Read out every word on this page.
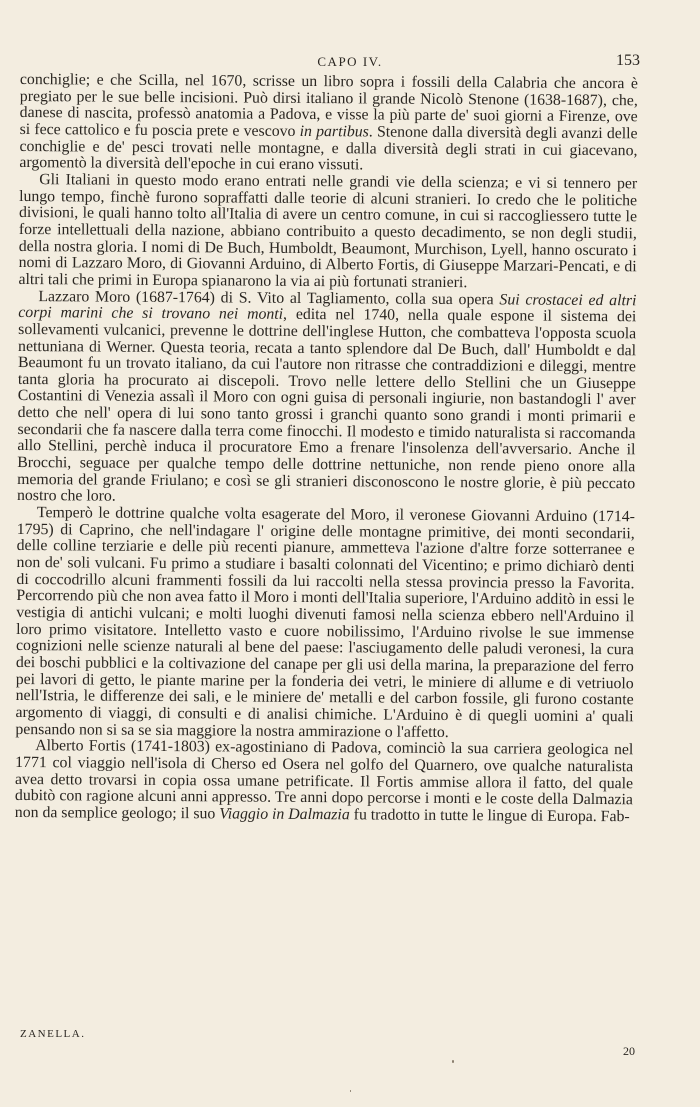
CAPO IV.	153

conchiglie; e che Scilla, nel 1670, scrisse un libro sopra i fossili della Calabria che ancora è pregiato per le sue belle incisioni. Può dirsi italiano il grande Nicolò Stenone (1638-1687), che, danese di nascita, professò anatomia a Padova, e visse la più parte de' suoi giorni a Firenze, ove si fece cattolico e fu poscia prete e vescovo in partibus. Stenone dalla diversità degli avanzi delle conchiglie e de' pesci trovati nelle montagne, e dalla diversità degli strati in cui giacevano, argomentò la diversità dell'epoche in cui erano vissuti.

Gli Italiani in questo modo erano entrati nelle grandi vie della scienza; e vi si tennero per lungo tempo, finchè furono sopraffatti dalle teorie di alcuni stranieri. Io credo che le politiche divisioni, le quali hanno tolto all'Italia di avere un centro comune, in cui si raccogliessero tutte le forze intellettuali della nazione, abbiano contribuito a questo decadimento, se non degli studii, della nostra gloria. I nomi di De Buch, Humboldt, Beaumont, Murchison, Lyell, hanno oscurato i nomi di Lazzaro Moro, di Giovanni Arduino, di Alberto Fortis, di Giuseppe Marzari-Pencati, e di altri tali che primi in Europa spianarono la via ai più fortunati stranieri.

Lazzaro Moro (1687-1764) di S. Vito al Tagliamento, colla sua opera Sui crostacei ed altri corpi marini che si trovano nei monti, edita nel 1740, nella quale espone il sistema dei sollevamenti vulcanici, prevenne le dottrine dell'inglese Hutton, che combatteva l'opposta scuola nettuniana di Werner. Questa teoria, recata a tanto splendore dal De Buch, dall' Humboldt e dal Beaumont fu un trovato italiano, da cui l'autore non ritrasse che contraddizioni e dileggi, mentre tanta gloria ha procurato ai discepoli. Trovo nelle lettere dello Stellini che un Giuseppe Costantini di Venezia assalì il Moro con ogni guisa di personali ingiurie, non bastandogli l' aver detto che nell' opera di lui sono tanto grossi i granchi quanto sono grandi i monti primarii e secondarii che fa nascere dalla terra come finocchi. Il modesto e timido naturalista si raccomanda allo Stellini, perchè induca il procuratore Emo a frenare l'insolenza dell'avversario. Anche il Brocchi, seguace per qualche tempo delle dottrine nettuniche, non rende pieno onore alla memoria del grande Friulano; e così se gli stranieri disconoscono le nostre glorie, è più peccato nostro che loro.

Temperò le dottrine qualche volta esagerate del Moro, il veronese Giovanni Arduino (1714-1795) di Caprino, che nell'indagare l' origine delle montagne primitive, dei monti secondarii, delle colline terziarie e delle più recenti pianure, ammetteva l'azione d'altre forze sotterranee e non de' soli vulcani. Fu primo a studiare i basalti colonnati del Vicentino; e primo dichiarò denti di coccodrillo alcuni frammenti fossili da lui raccolti nella stessa provincia presso la Favorita. Percorrendo più che non avea fatto il Moro i monti dell'Italia superiore, l'Arduino additò in essi le vestigia di antichi vulcani; e molti luoghi divenuti famosi nella scienza ebbero nell'Arduino il loro primo visitatore. Intelletto vasto e cuore nobilissimo, l'Arduino rivolse le sue immense cognizioni nelle scienze naturali al bene del paese: l'asciugamento delle paludi veronesi, la cura dei boschi pubblici e la coltivazione del canape per gli usi della marina, la preparazione del ferro pei lavori di getto, le piante marine per la fonderia dei vetri, le miniere di allume e di vetriuolo nell'Istria, le differenze dei sali, e le miniere de' metalli e del carbon fossile, gli furono costante argomento di viaggi, di consulti e di analisi chimiche. L'Arduino è di quegli uomini a' quali pensando non si sa se sia maggiore la nostra ammirazione o l'affetto.

Alberto Fortis (1741-1803) ex-agostiniano di Padova, cominciò la sua carriera geologica nel 1771 col viaggio nell'isola di Cherso ed Osera nel golfo del Quarnero, ove qualche naturalista avea detto trovarsi in copia ossa umane petrificate. Il Fortis ammise allora il fatto, del quale dubitò con ragione alcuni anni appresso. Tre anni dopo percorse i monti e le coste della Dalmazia non da semplice geologo; il suo Viaggio in Dalmazia fu tradotto in tutte le lingue di Europa. Fab-

ZANELLA.
20
